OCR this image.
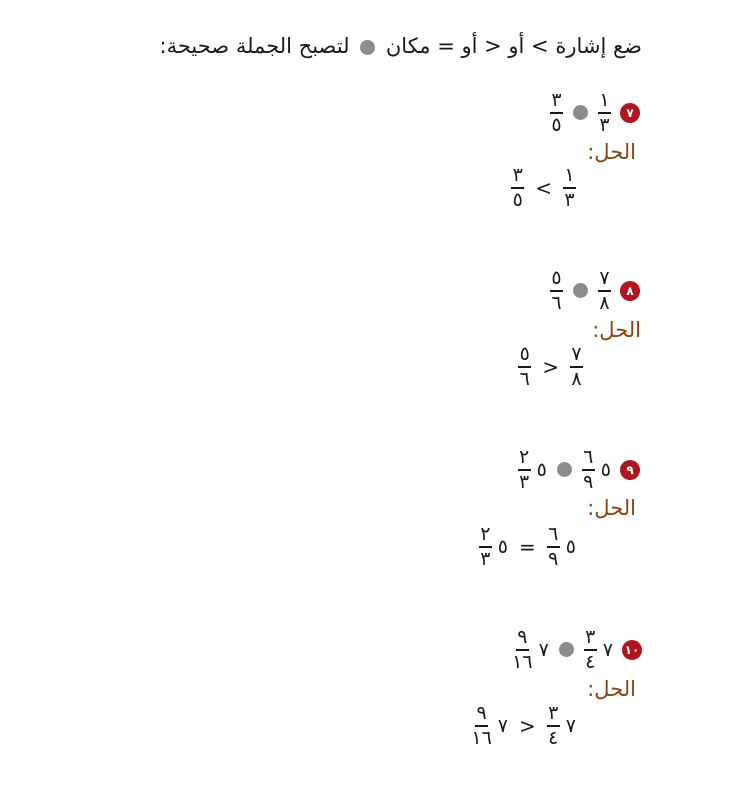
ضع إشارة > أو < أو = مكان  لتصبح الجملة صحيحة:
٧
$\frac{١}{٣}$
$\frac{٣}{٥}$
الحل:
$\frac{١}{٣}$
<
$\frac{٣}{٥}$
٨
$\frac{٧}{٨}$
$\frac{٥}{٦}$
الحل:
$\frac{٧}{٨}$
>
$\frac{٥}{٦}$
٩
٥
$\frac{٦}{٩}$
٥
$\frac{٢}{٣}$
الحل:
٥
$\frac{٦}{٩}$
=
٥
$\frac{٢}{٣}$
١٠
٧
$\frac{٣}{٤}$
٧
$\frac{٩}{١٦}$
الحل:
٧
$\frac{٣}{٤}$
>
٧
$\frac{٩}{١٦}$
